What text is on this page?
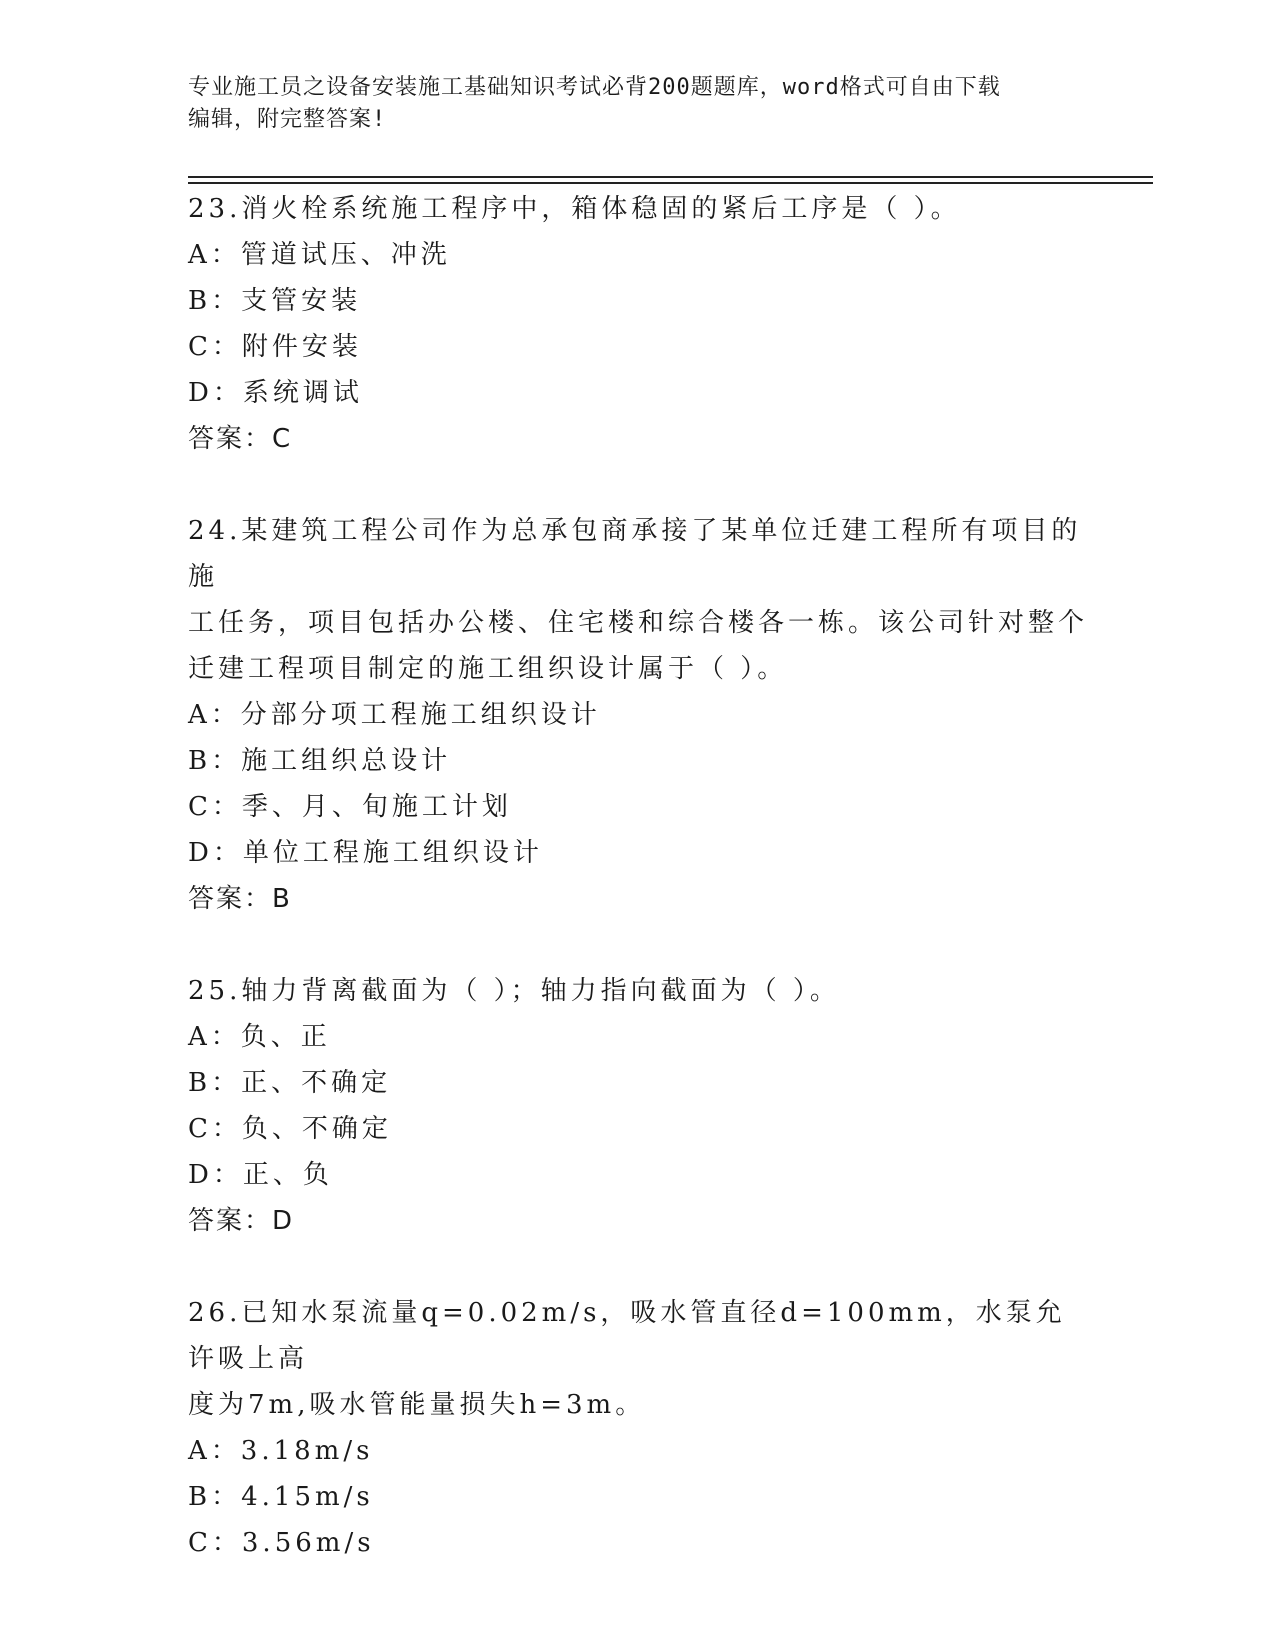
专业施工员之设备安装施工基础知识考试必背200题题库，word格式可自由下载
编辑，附完整答案!
23.消火栓系统施工程序中，箱体稳固的紧后工序是（ ）。
A：管道试压、冲洗
B：支管安装
C：附件安装
D：系统调试
答案：C
24.某建筑工程公司作为总承包商承接了某单位迁建工程所有项目的施
工任务，项目包括办公楼、住宅楼和综合楼各一栋。该公司针对整个
迁建工程项目制定的施工组织设计属于（ ）。
A：分部分项工程施工组织设计
B：施工组织总设计
C：季、月、旬施工计划
D：单位工程施工组织设计
答案：B
25.轴力背离截面为（ ）；轴力指向截面为（ ）。
A：负、正
B：正、不确定
C：负、不确定
D：正、负
答案：D
26.已知水泵流量q=0.02m/s，吸水管直径d=100mm，水泵允许吸上高
度为7m,吸水管能量损失h=3m。
A：3.18m/s
B：4.15m/s
C：3.56m/s
